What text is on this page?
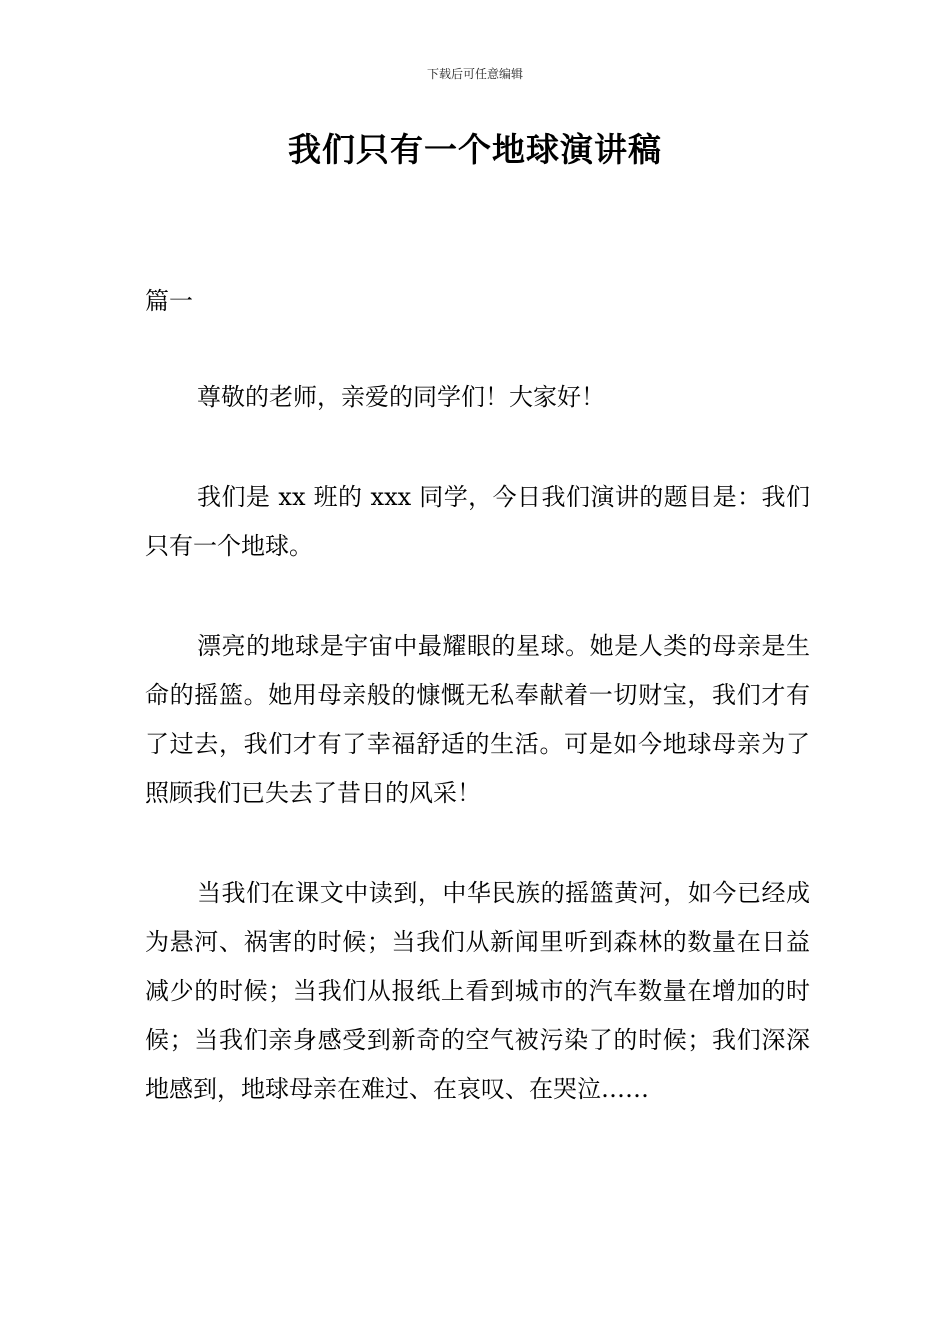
下载后可任意编辑
我们只有一个地球演讲稿
篇一

尊敬的老师，亲爱的同学们！大家好！

我们是 xx 班的 xxx 同学，今日我们演讲的题目是：我们只有一个地球。

漂亮的地球是宇宙中最耀眼的星球。她是人类的母亲是生命的摇篮。她用母亲般的慷慨无私奉献着一切财宝，我们才有了过去，我们才有了幸福舒适的生活。可是如今地球母亲为了照顾我们已失去了昔日的风采！

当我们在课文中读到，中华民族的摇篮黄河，如今已经成为悬河、祸害的时候；当我们从新闻里听到森林的数量在日益减少的时候；当我们从报纸上看到城市的汽车数量在增加的时候；当我们亲身感受到新奇的空气被污染了的时候；我们深深地感到，地球母亲在难过、在哀叹、在哭泣……
